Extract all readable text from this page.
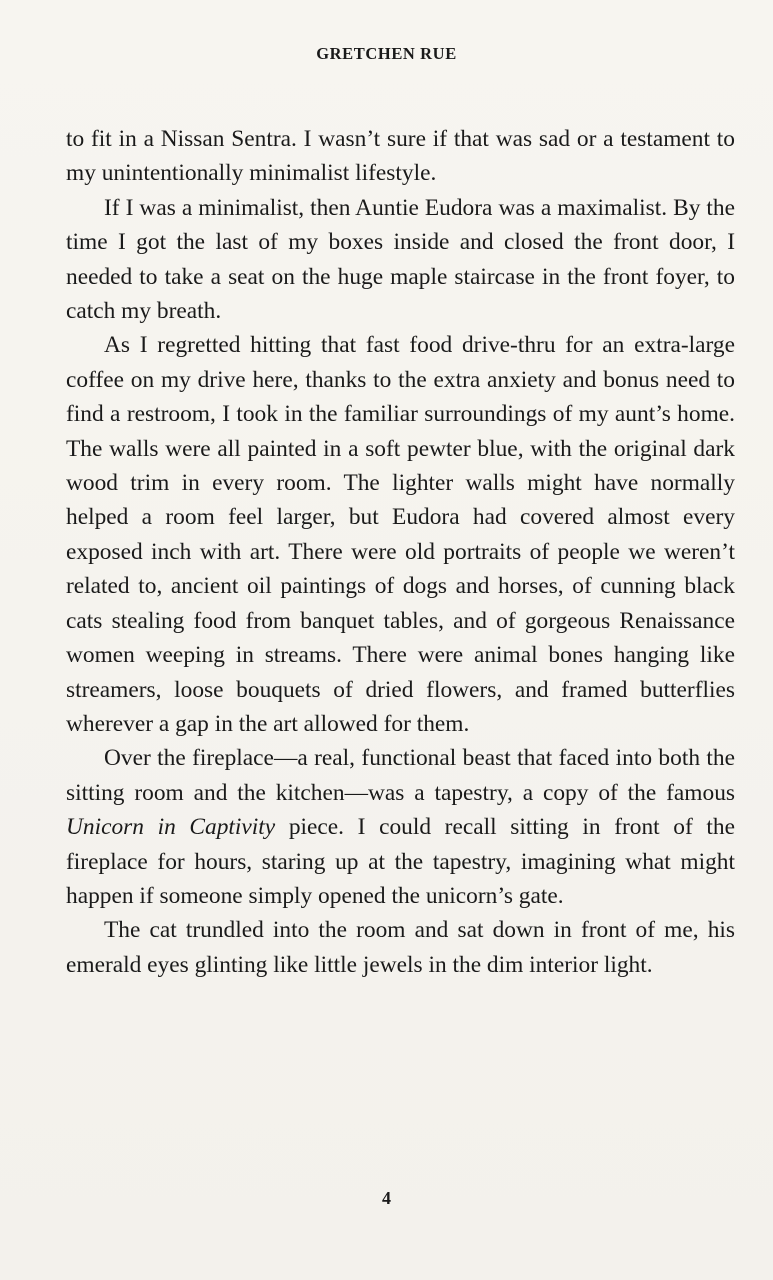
GRETCHEN RUE

to fit in a Nissan Sentra. I wasn’t sure if that was sad or a testament to my unintentionally minimalist lifestyle.

If I was a minimalist, then Auntie Eudora was a maximalist. By the time I got the last of my boxes inside and closed the front door, I needed to take a seat on the huge maple staircase in the front foyer, to catch my breath.

As I regretted hitting that fast food drive-thru for an extra-large coffee on my drive here, thanks to the extra anxiety and bonus need to find a restroom, I took in the familiar surroundings of my aunt’s home. The walls were all painted in a soft pewter blue, with the original dark wood trim in every room. The lighter walls might have normally helped a room feel larger, but Eudora had covered almost every exposed inch with art. There were old portraits of people we weren’t related to, ancient oil paintings of dogs and horses, of cunning black cats stealing food from banquet tables, and of gorgeous Renaissance women weeping in streams. There were animal bones hanging like streamers, loose bouquets of dried flowers, and framed butterflies wherever a gap in the art allowed for them.

Over the fireplace—a real, functional beast that faced into both the sitting room and the kitchen—was a tapestry, a copy of the famous Unicorn in Captivity piece. I could recall sitting in front of the fireplace for hours, staring up at the tapestry, imagining what might happen if someone simply opened the unicorn’s gate.

The cat trundled into the room and sat down in front of me, his emerald eyes glinting like little jewels in the dim interior light.

4
